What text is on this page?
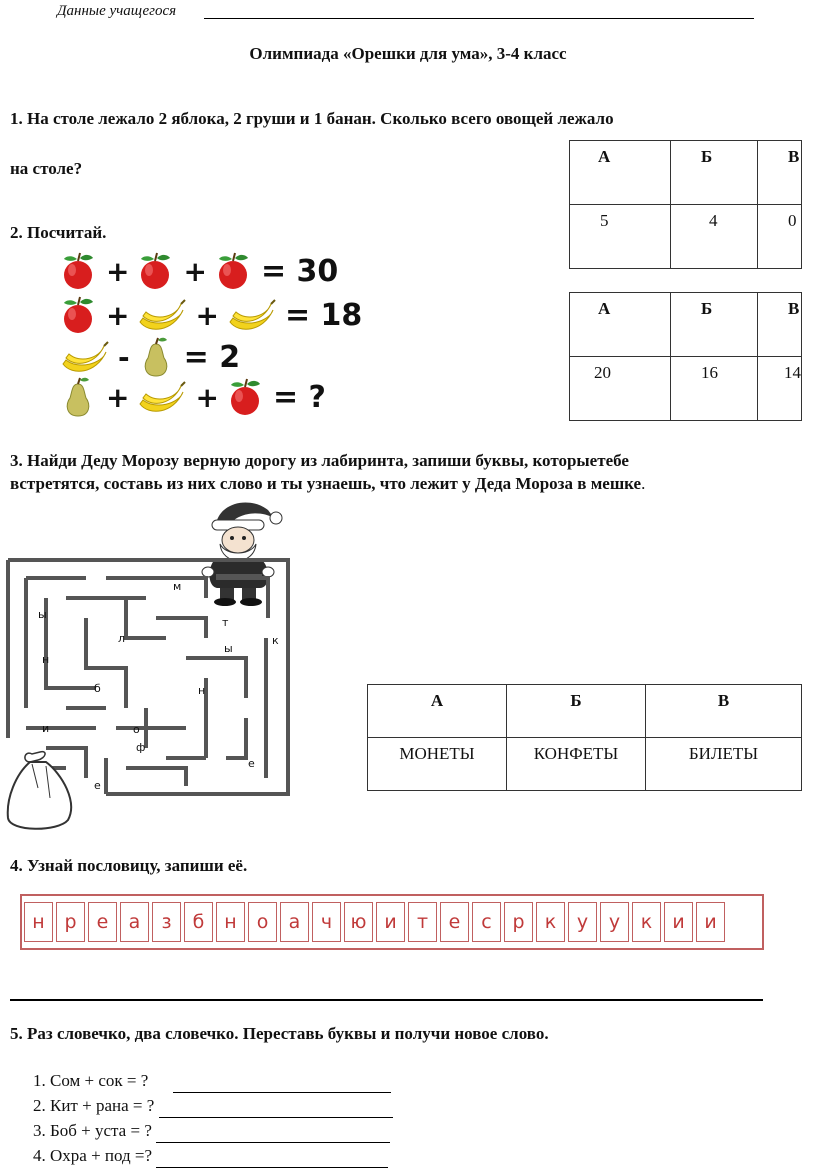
Данные учащегося
Олимпиада «Орешки для ума», 3-4 класс
1. На столе лежало 2 яблока, 2 груши и 1 банан. Сколько всего овощей лежало
на столе?
А	Б	В
5	4	0
2. Посчитай.
+ + = 30
+ + = 18
- = 2
+ + = ?
А	Б	В
20	16	14
3. Найди Деду Морозу верную дорогу из лабиринта, запиши буквы, которыетебе
встретятся, составь из них слово и ты узнаешь, что лежит у Деда Мороза в мешке.
м
ы
т
к
л
ы
н
б	н
и	о
ф
е
е
А	Б	В
МОНЕТЫ	КОНФЕТЫ	БИЛЕТЫ
4. Узнай пословицу, запиши её.
н	р	е	а	з	б	н	о	а	ч ю и	т	е	с	р	к	у	у	к	и	и
5. Раз словечко, два словечко. Переставь буквы и получи новое слово.
1. Сом + сок = ?
2. Кит + рана = ?
3. Боб + уста = ?
4. Охра + под =?
